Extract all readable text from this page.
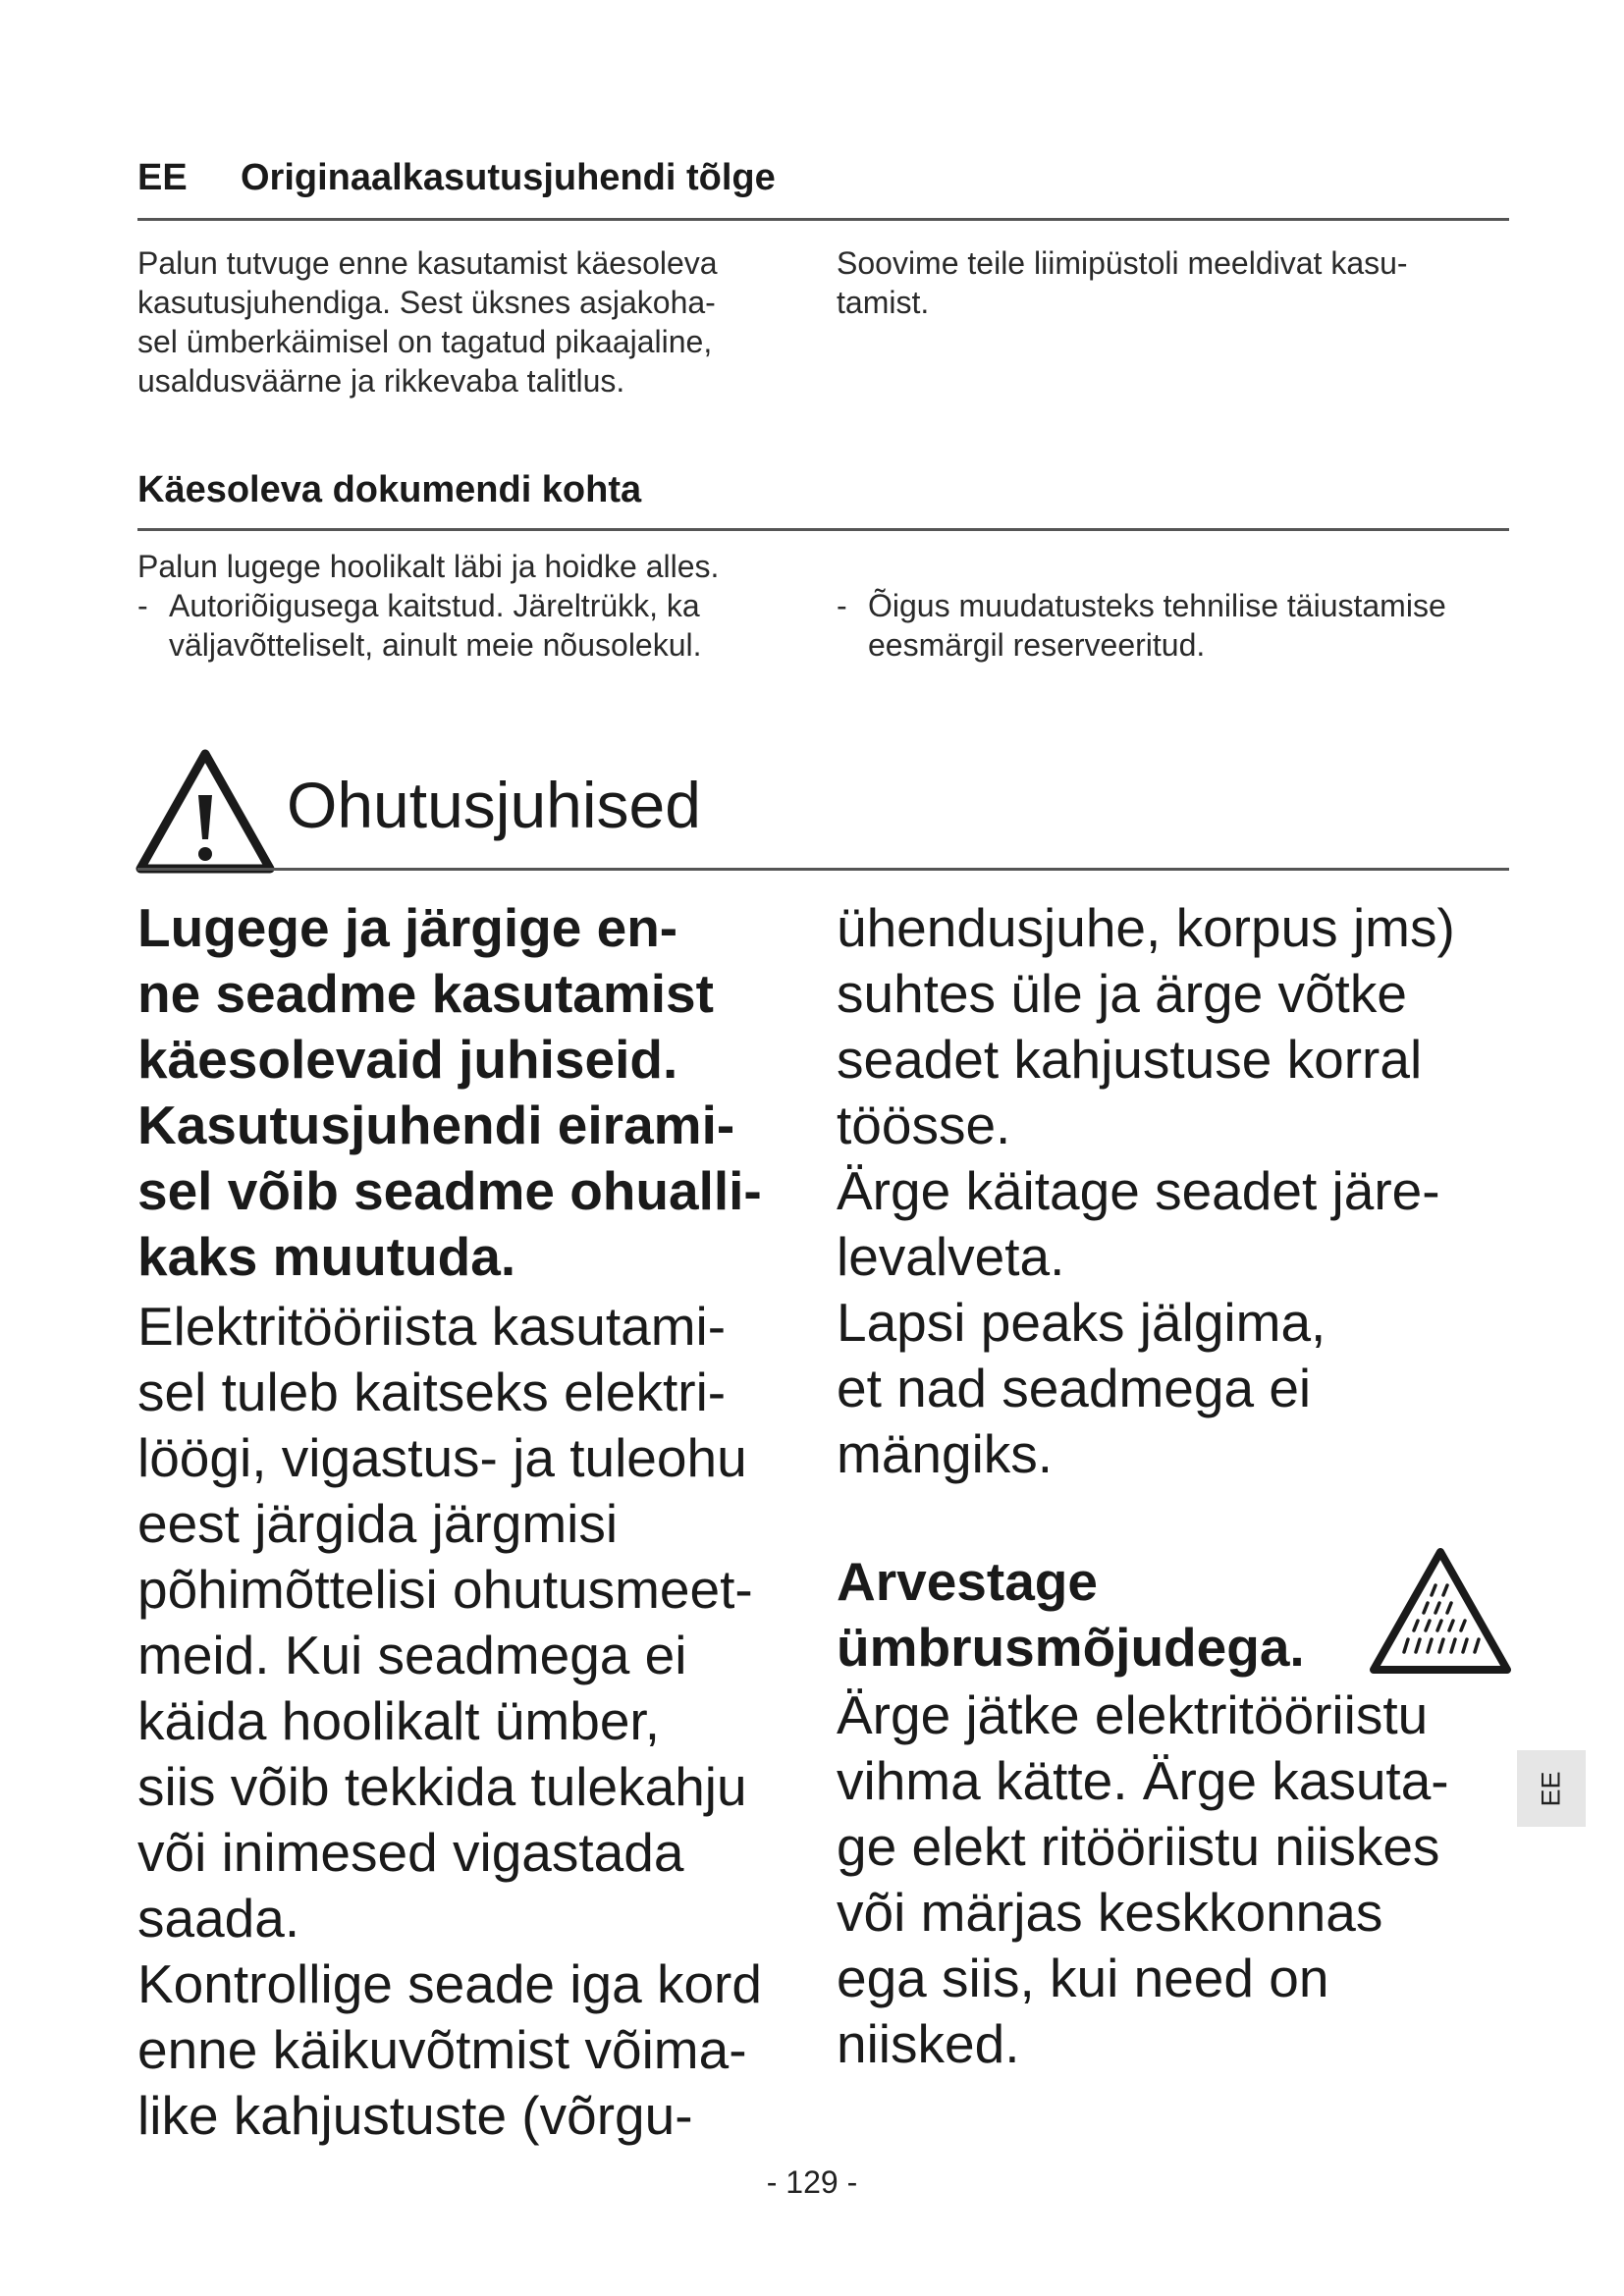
EE Originaalkasutusjuhendi tõlge

Palun tutvuge enne kasutamist käesoleva

kasutusjuhendiga. Sest üksnes asjakoha-

sel ümberkäimisel on tagatud pikaajaline,

usaldusväärne ja rikkevaba talitlus.

Soovime teile liimipüstoli meeldivat kasu-

tamist.

Käesoleva dokumendi kohta

Palun lugege hoolikalt läbi ja hoidke alles.

- Autoriõigusega kaitstud. Järeltrükk, ka

väljavõtteliselt, ainult meie nõusolekul.

- Õigus muudatusteks tehnilise täiustamise

eesmärgil reserveeritud.

Ohutusjuhised

Lugege ja järgige en-

ne seadme kasutamist

käesolevaid juhiseid.

Kasutusjuhendi eirami-

sel võib seadme ohualli-

kaks muutuda.

Elektritööriista kasutami-

sel tuleb kaitseks elektri-

löögi, vigastus- ja tuleohu

eest järgida järgmisi

põhimõttelisi ohutusmeet-

meid. Kui seadmega ei

käida hoolikalt ümber,

siis võib tekkida tulekahju

või inimesed vigastada

saada.

Kontrollige seade iga kord

enne käikuvõtmist võima-

like kahjustuste (võrgu-

ühendusjuhe, korpus jms)

suhtes üle ja ärge võtke

seadet kahjustuse korral

töösse.

Ärge käitage seadet järe-

levalveta.

Lapsi peaks jälgima,

et nad seadmega ei

mängiks.

Arvestage
ümbrusmõjudega.

Ärge jätke elektritööriistu

vihma kätte. Ärge kasuta-

ge elekt ritööriistu niiskes

või märjas keskkonnas

ega siis, kui need on

niisked.

EE
- 129 -
